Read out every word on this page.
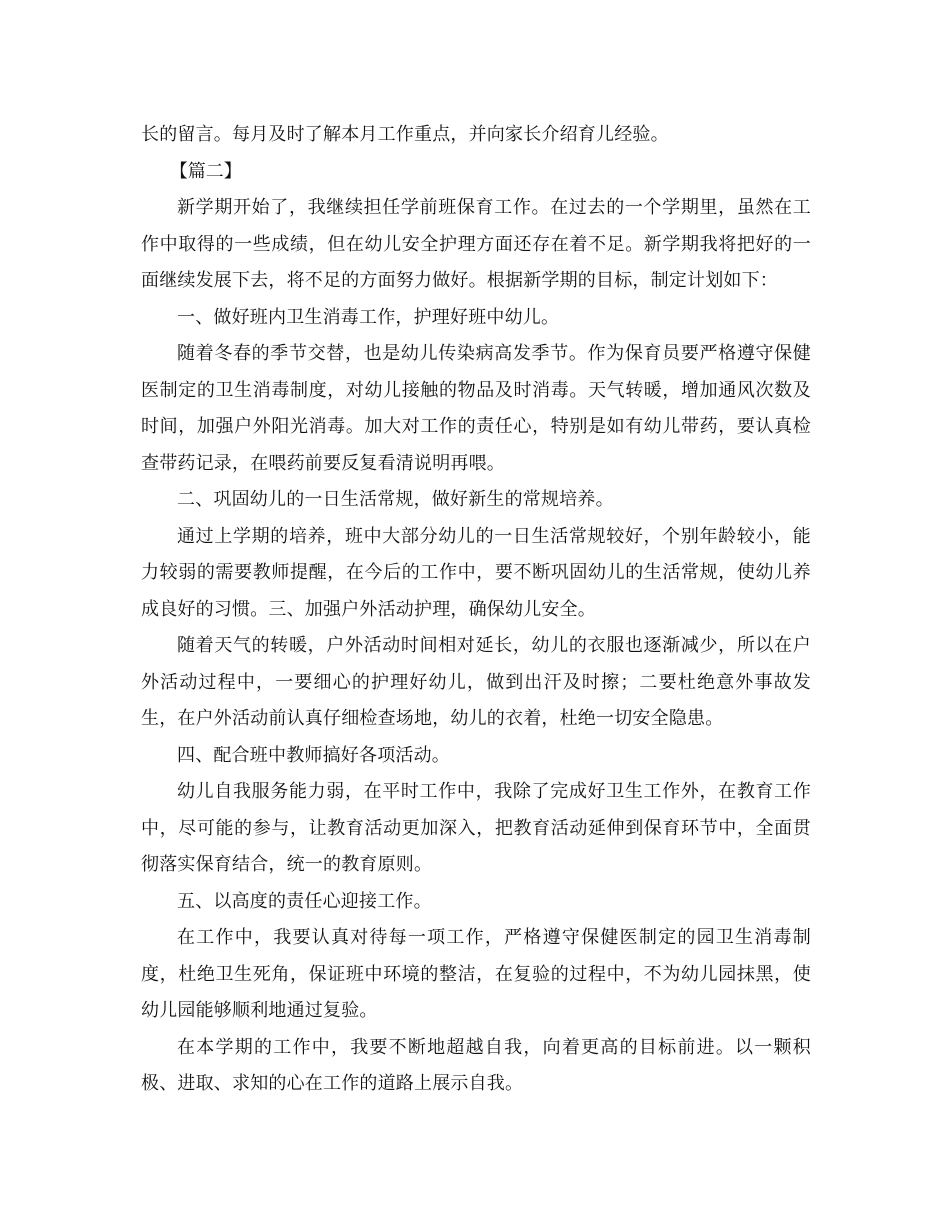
长的留言。每月及时了解本月工作重点，并向家长介绍育儿经验。

【篇二】

新学期开始了，我继续担任学前班保育工作。在过去的一个学期里，虽然在工作中取得的一些成绩，但在幼儿安全护理方面还存在着不足。新学期我将把好的一面继续发展下去，将不足的方面努力做好。根据新学期的目标，制定计划如下：

一、做好班内卫生消毒工作，护理好班中幼儿。

随着冬春的季节交替，也是幼儿传染病高发季节。作为保育员要严格遵守保健医制定的卫生消毒制度，对幼儿接触的物品及时消毒。天气转暖，增加通风次数及时间，加强户外阳光消毒。加大对工作的责任心，特别是如有幼儿带药，要认真检查带药记录，在喂药前要反复看清说明再喂。

二、巩固幼儿的一日生活常规，做好新生的常规培养。

通过上学期的培养，班中大部分幼儿的一日生活常规较好，个别年龄较小，能力较弱的需要教师提醒，在今后的工作中，要不断巩固幼儿的生活常规，使幼儿养成良好的习惯。三、加强户外活动护理，确保幼儿安全。

随着天气的转暖，户外活动时间相对延长，幼儿的衣服也逐渐减少，所以在户外活动过程中，一要细心的护理好幼儿，做到出汗及时擦；二要杜绝意外事故发生，在户外活动前认真仔细检查场地，幼儿的衣着，杜绝一切安全隐患。

四、配合班中教师搞好各项活动。

幼儿自我服务能力弱，在平时工作中，我除了完成好卫生工作外，在教育工作中，尽可能的参与，让教育活动更加深入，把教育活动延伸到保育环节中，全面贯彻落实保育结合，统一的教育原则。

五、以高度的责任心迎接工作。

在工作中，我要认真对待每一项工作，严格遵守保健医制定的园卫生消毒制度，杜绝卫生死角，保证班中环境的整洁，在复验的过程中，不为幼儿园抹黑，使幼儿园能够顺利地通过复验。

在本学期的工作中，我要不断地超越自我，向着更高的目标前进。以一颗积极、进取、求知的心在工作的道路上展示自我。
